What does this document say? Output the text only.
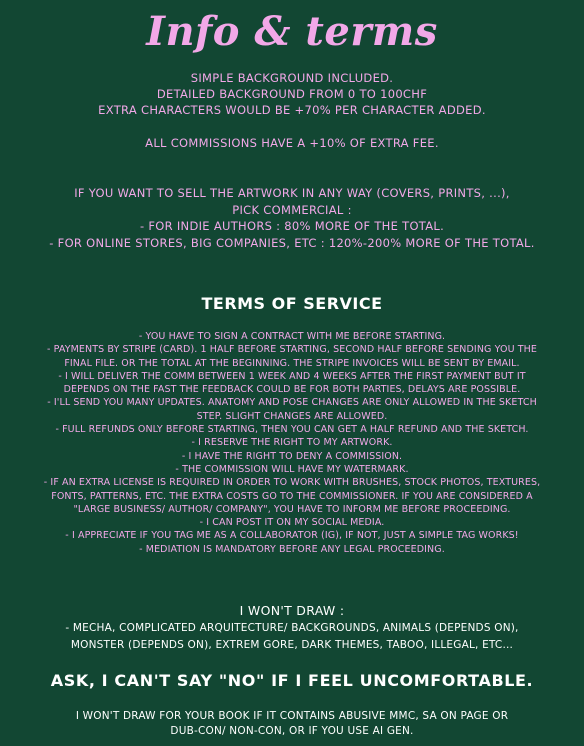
Info & terms
SIMPLE BACKGROUND INCLUDED.
DETAILED BACKGROUND FROM 0 TO 100CHF
EXTRA CHARACTERS WOULD BE +70% PER CHARACTER ADDED.
ALL COMMISSIONS HAVE A +10% OF EXTRA FEE.
IF YOU WANT TO SELL THE ARTWORK IN ANY WAY (COVERS, PRINTS, ...),
PICK COMMERCIAL :
- FOR INDIE AUTHORS : 80% MORE OF THE TOTAL.
- FOR ONLINE STORES, BIG COMPANIES, ETC : 120%-200% MORE OF THE TOTAL.
TERMS OF SERVICE
- YOU HAVE TO SIGN A CONTRACT WITH ME BEFORE STARTING.
- PAYMENTS BY STRIPE (CARD). 1 HALF BEFORE STARTING, SECOND HALF BEFORE SENDING YOU THE
FINAL FILE. OR THE TOTAL AT THE BEGINNING. THE STRIPE INVOICES WILL BE SENT BY EMAIL.
- I WILL DELIVER THE COMM BETWEEN 1 WEEK AND 4 WEEKS AFTER THE FIRST PAYMENT BUT IT
DEPENDS ON THE FAST THE FEEDBACK COULD BE FOR BOTH PARTIES, DELAYS ARE POSSIBLE.
- I'LL SEND YOU MANY UPDATES. ANATOMY AND POSE CHANGES ARE ONLY ALLOWED IN THE SKETCH
STEP. SLIGHT CHANGES ARE ALLOWED.
- FULL REFUNDS ONLY BEFORE STARTING, THEN YOU CAN GET A HALF REFUND AND THE SKETCH.
- I RESERVE THE RIGHT TO MY ARTWORK.
- I HAVE THE RIGHT TO DENY A COMMISSION.
- THE COMMISSION WILL HAVE MY WATERMARK.
- IF AN EXTRA LICENSE IS REQUIRED IN ORDER TO WORK WITH BRUSHES, STOCK PHOTOS, TEXTURES,
FONTS, PATTERNS, ETC. THE EXTRA COSTS GO TO THE COMMISSIONER. IF YOU ARE CONSIDERED A
"LARGE BUSINESS/ AUTHOR/ COMPANY", YOU HAVE TO INFORM ME BEFORE PROCEEDING.
- I CAN POST IT ON MY SOCIAL MEDIA.
- I APPRECIATE IF YOU TAG ME AS A COLLABORATOR (IG), IF NOT, JUST A SIMPLE TAG WORKS!
- MEDIATION IS MANDATORY BEFORE ANY LEGAL PROCEEDING.
I WON'T DRAW :
- MECHA, COMPLICATED ARQUITECTURE/ BACKGROUNDS, ANIMALS (DEPENDS ON),
MONSTER (DEPENDS ON), EXTREM GORE, DARK THEMES, TABOO, ILLEGAL, ETC...
ASK, I CAN'T SAY "NO" IF I FEEL UNCOMFORTABLE.
I WON'T DRAW FOR YOUR BOOK IF IT CONTAINS ABUSIVE MMC, SA ON PAGE OR
DUB-CON/ NON-CON, OR IF YOU USE AI GEN.
